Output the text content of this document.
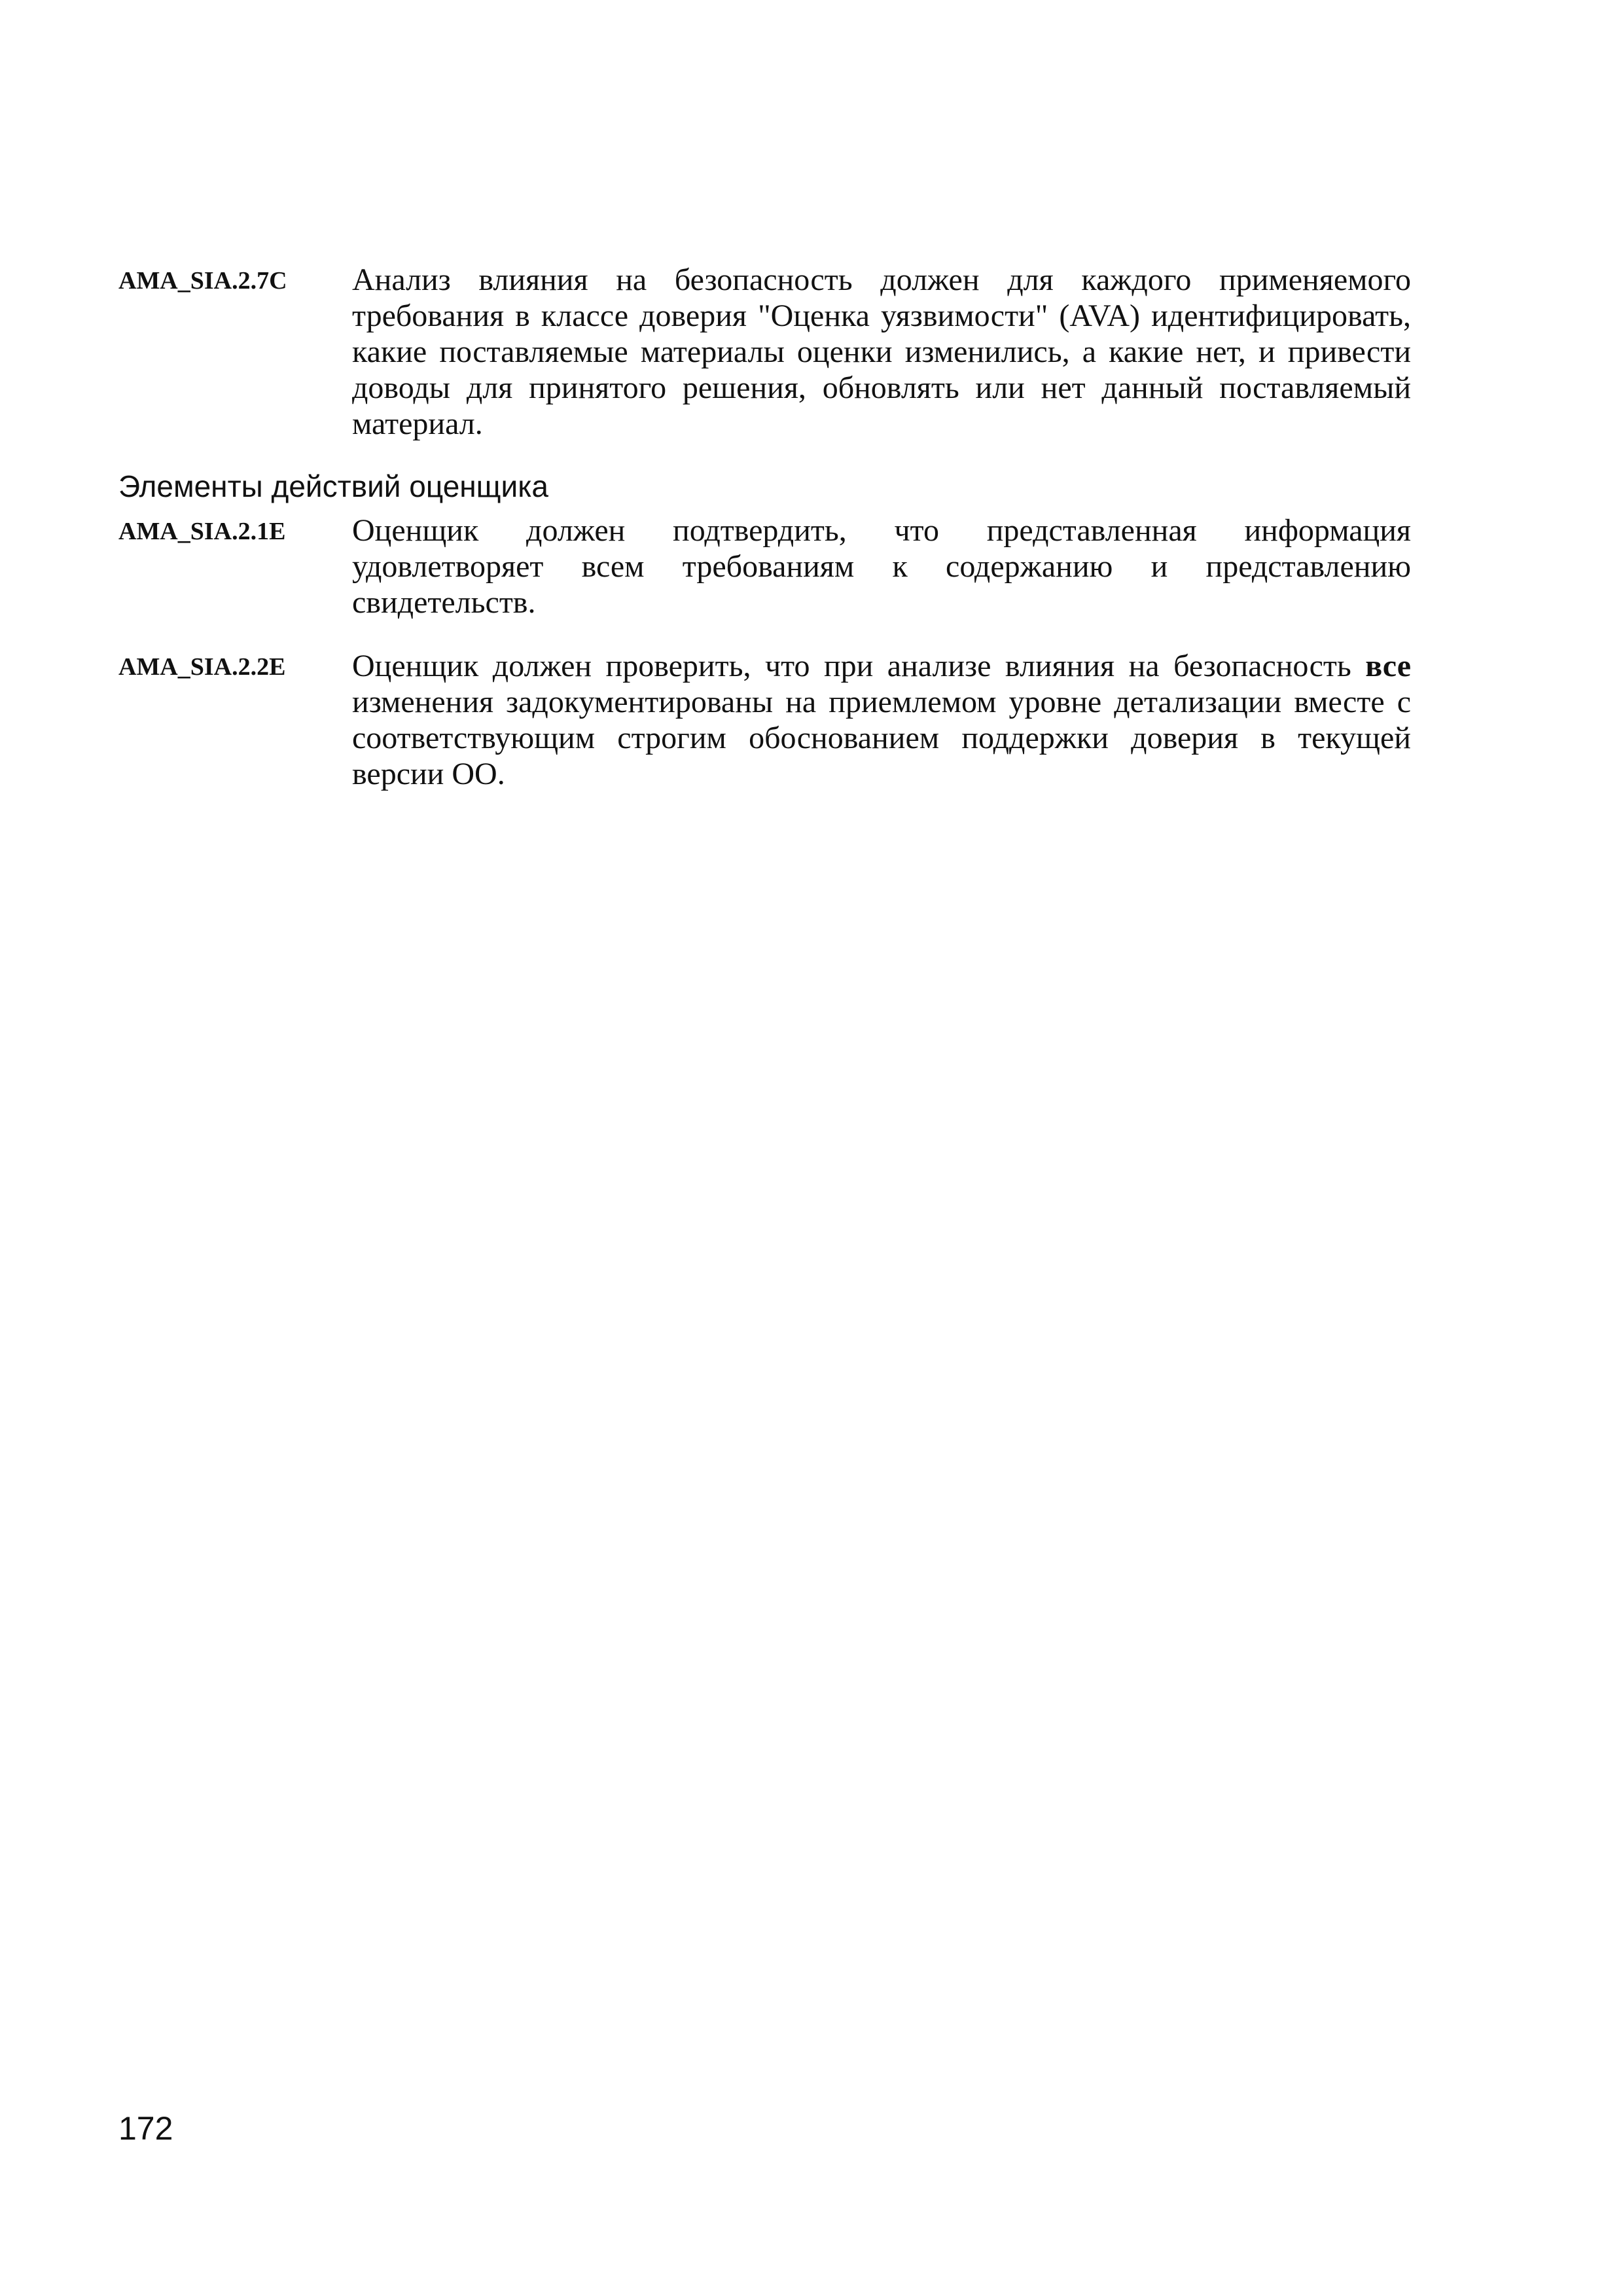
AMA_SIA.2.7C	Анализ влияния на безопасность должен для каждого применяемого требования в классе доверия "Оценка уязвимости" (AVA) идентифицировать, какие поставляемые материалы оценки изменились, а какие нет, и привести доводы для принятого решения, обновлять или нет данный поставляемый материал.
Элементы действий оценщика
AMA_SIA.2.1E	Оценщик должен подтвердить, что представленная информация удовлетворяет всем требованиям к содержанию и представлению свидетельств.
AMA_SIA.2.2E	Оценщик должен проверить, что при анализе влияния на безопасность все изменения задокументированы на приемлемом уровне детализации вместе с соответствующим строгим обоснованием поддержки доверия в текущей версии ОО.
172
